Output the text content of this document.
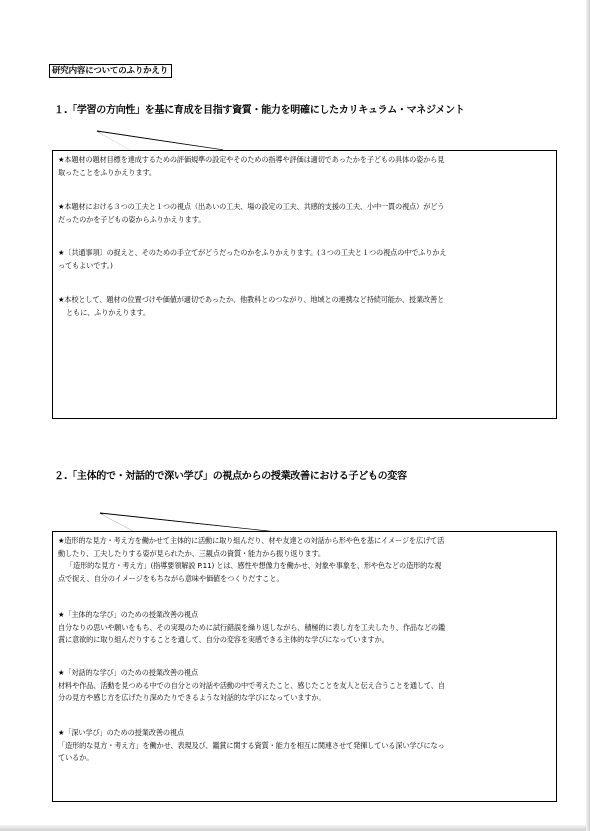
研究内容についてのふりかえり
１.「学習の方向性」を基に育成を目指す資質・能力を明確にしたカリキュラム・マネジメント
★本題材の題材目標を達成するための評価規準の設定やそのための指導や評価は適切であったかを子どもの具体の姿から見
取ったことをふりかえります。
★本題材における３つの工夫と１つの視点（出あいの工夫、場の設定の工夫、共感的支援の工夫、小中一貫の視点）がどう
だったのかを子どもの姿からふりかえります。
★〔共通事項〕の捉えと、そのための手立てがどうだったのかをふりかえります。(３つの工夫と１つの視点の中でふりかえ
ってもよいです。)
★本校として、題材の位置づけや価値が適切であったか、他教科とのつながり、地域との連携など持続可能か、授業改善と
ともに、ふりかえります。
２.「主体的で・対話的で深い学び」の視点からの授業改善における子どもの変容
★造形的な見方・考え方を働かせて主体的に活動に取り組んだり、材や友達との対話から形や色を基にイメージを広げて活
動したり、工夫したりする姿が見られたか、三観点の資質・能力から振り返ります。
「造形的な見方・考え方」(指導要領解説 P.11) とは、感性や想像力を働かせ、対象や事象を、形や色などの造形的な視
点で捉え、自分のイメージをもちながら意味や価値をつくりだすこと。
★「主体的な学び」のための授業改善の視点
自分なりの思いや願いをもち、その実現のために試行錯誤を繰り返しながら、積極的に表し方を工夫したり、作品などの鑑
賞に意欲的に取り組んだりすることを通して、自分の変容を実感できる主体的な学びになっていますか。
★「対話的な学び」のための授業改善の視点
材料や作品、活動を見つめる中での自分との対話や活動の中で考えたこと、感じたことを友人と伝え合うことを通して、自
分の見方や感じ方を広げたり深めたりできるような対話的な学びになっていますか。
★「深い学び」のための授業改善の視点
「造形的な見方・考え方」を働かせ、表現及び、鑑賞に関する資質・能力を相互に関連させて発揮している深い学びになっ
ているか。
